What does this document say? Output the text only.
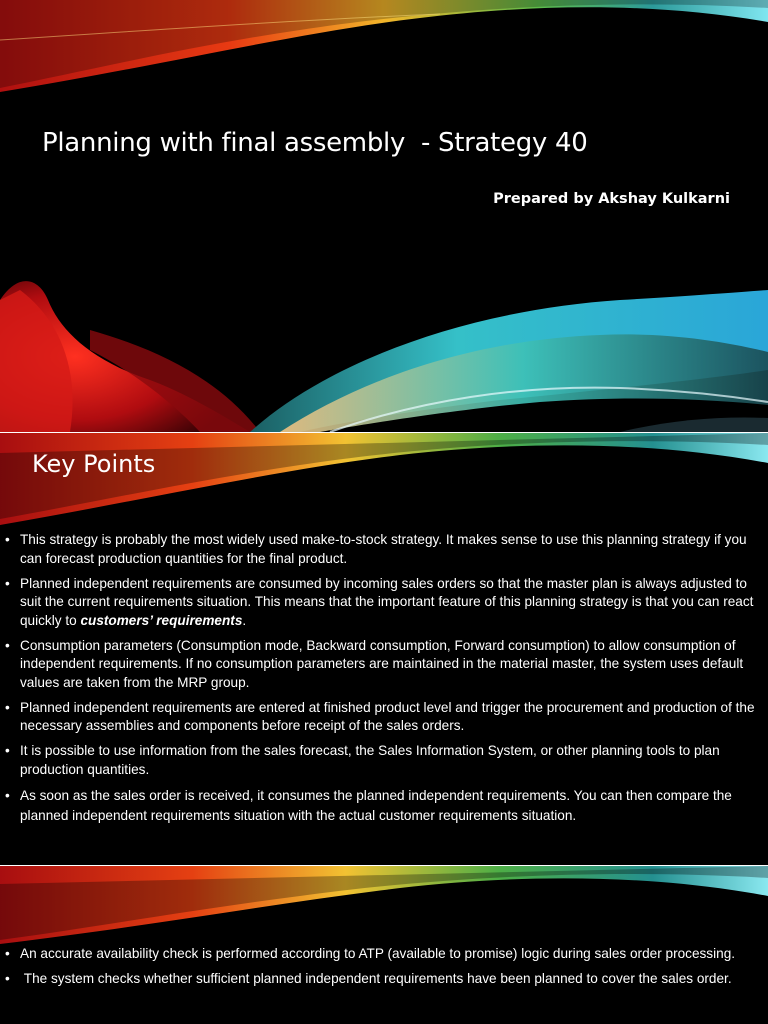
Planning with final assembly  - Strategy 40
Prepared by Akshay Kulkarni
Key Points
• This strategy is probably the most widely used make-to-stock strategy. It makes sense to use this planning strategy if you can forecast production quantities for the final product.
• Planned independent requirements are consumed by incoming sales orders so that the master plan is always adjusted to suit the current requirements situation. This means that the important feature of this planning strategy is that you can react quickly to customers’ requirements.
• Consumption parameters (Consumption mode, Backward consumption, Forward consumption) to allow consumption of independent requirements. If no consumption parameters are maintained in the material master, the system uses default values are taken from the MRP group.
• Planned independent requirements are entered at finished product level and trigger the procurement and production of the necessary assemblies and components before receipt of the sales orders.
• It is possible to use information from the sales forecast, the Sales Information System, or other planning tools to plan production quantities.
• As soon as the sales order is received, it consumes the planned independent requirements. You can then compare the planned independent requirements situation with the actual customer requirements situation.
• An accurate availability check is performed according to ATP (available to promise) logic during sales order processing.
•  The system checks whether sufficient planned independent requirements have been planned to cover the sales order.
